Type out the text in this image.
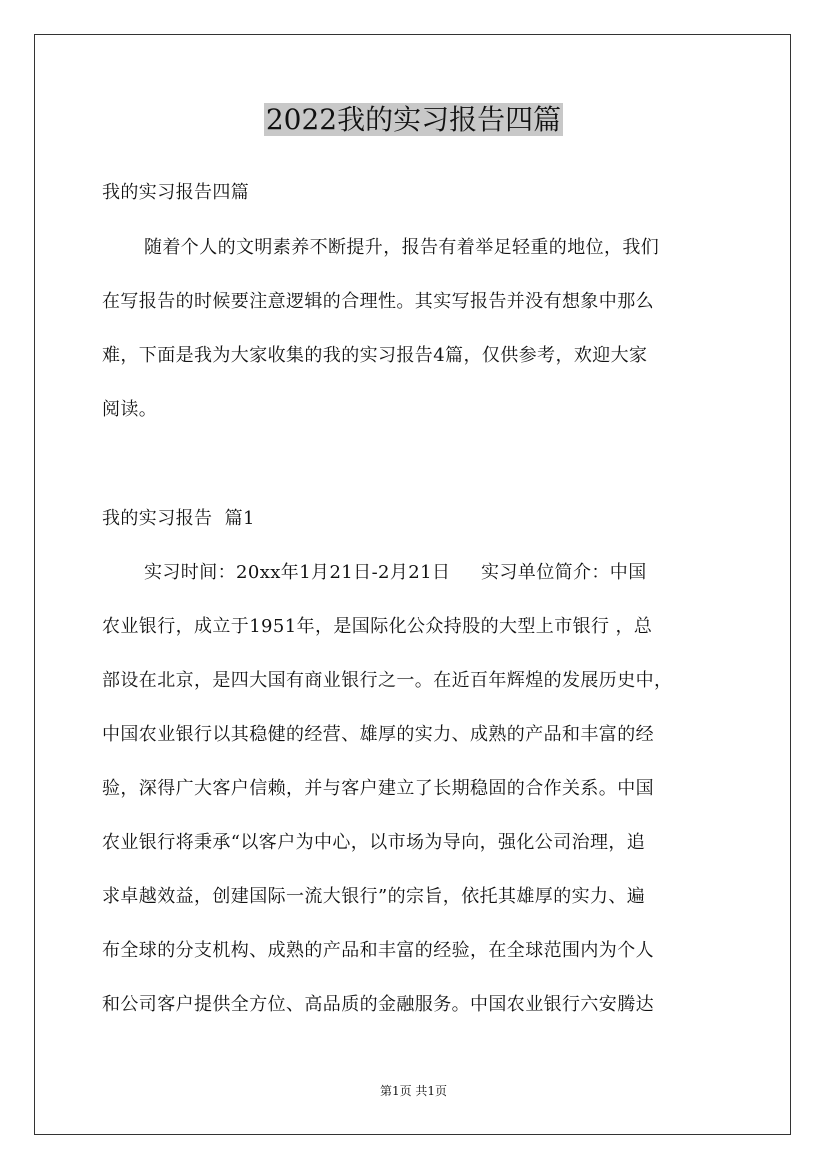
2022我的实习报告四篇
我的实习报告四篇
随着个人的文明素养不断提升，报告有着举足轻重的地位，我们
在写报告的时候要注意逻辑的合理性。其实写报告并没有想象中那么
难，下面是我为大家收集的我的实习报告4篇，仅供参考，欢迎大家
阅读。
我的实习报告  篇1
实习时间：20xx年1月21日-2月21日     实习单位简介：中国
农业银行，成立于1951年，是国际化公众持股的大型上市银行 ，总
部设在北京，是四大国有商业银行之一。在近百年辉煌的发展历史中，
中国农业银行以其稳健的经营、雄厚的实力、成熟的产品和丰富的经
验，深得广大客户信赖，并与客户建立了长期稳固的合作关系。中国
农业银行将秉承“以客户为中心，以市场为导向，强化公司治理，追
求卓越效益，创建国际一流大银行”的宗旨，依托其雄厚的实力、遍
布全球的分支机构、成熟的产品和丰富的经验，在全球范围内为个人
和公司客户提供全方位、高品质的金融服务。中国农业银行六安腾达
第1页 共1页
